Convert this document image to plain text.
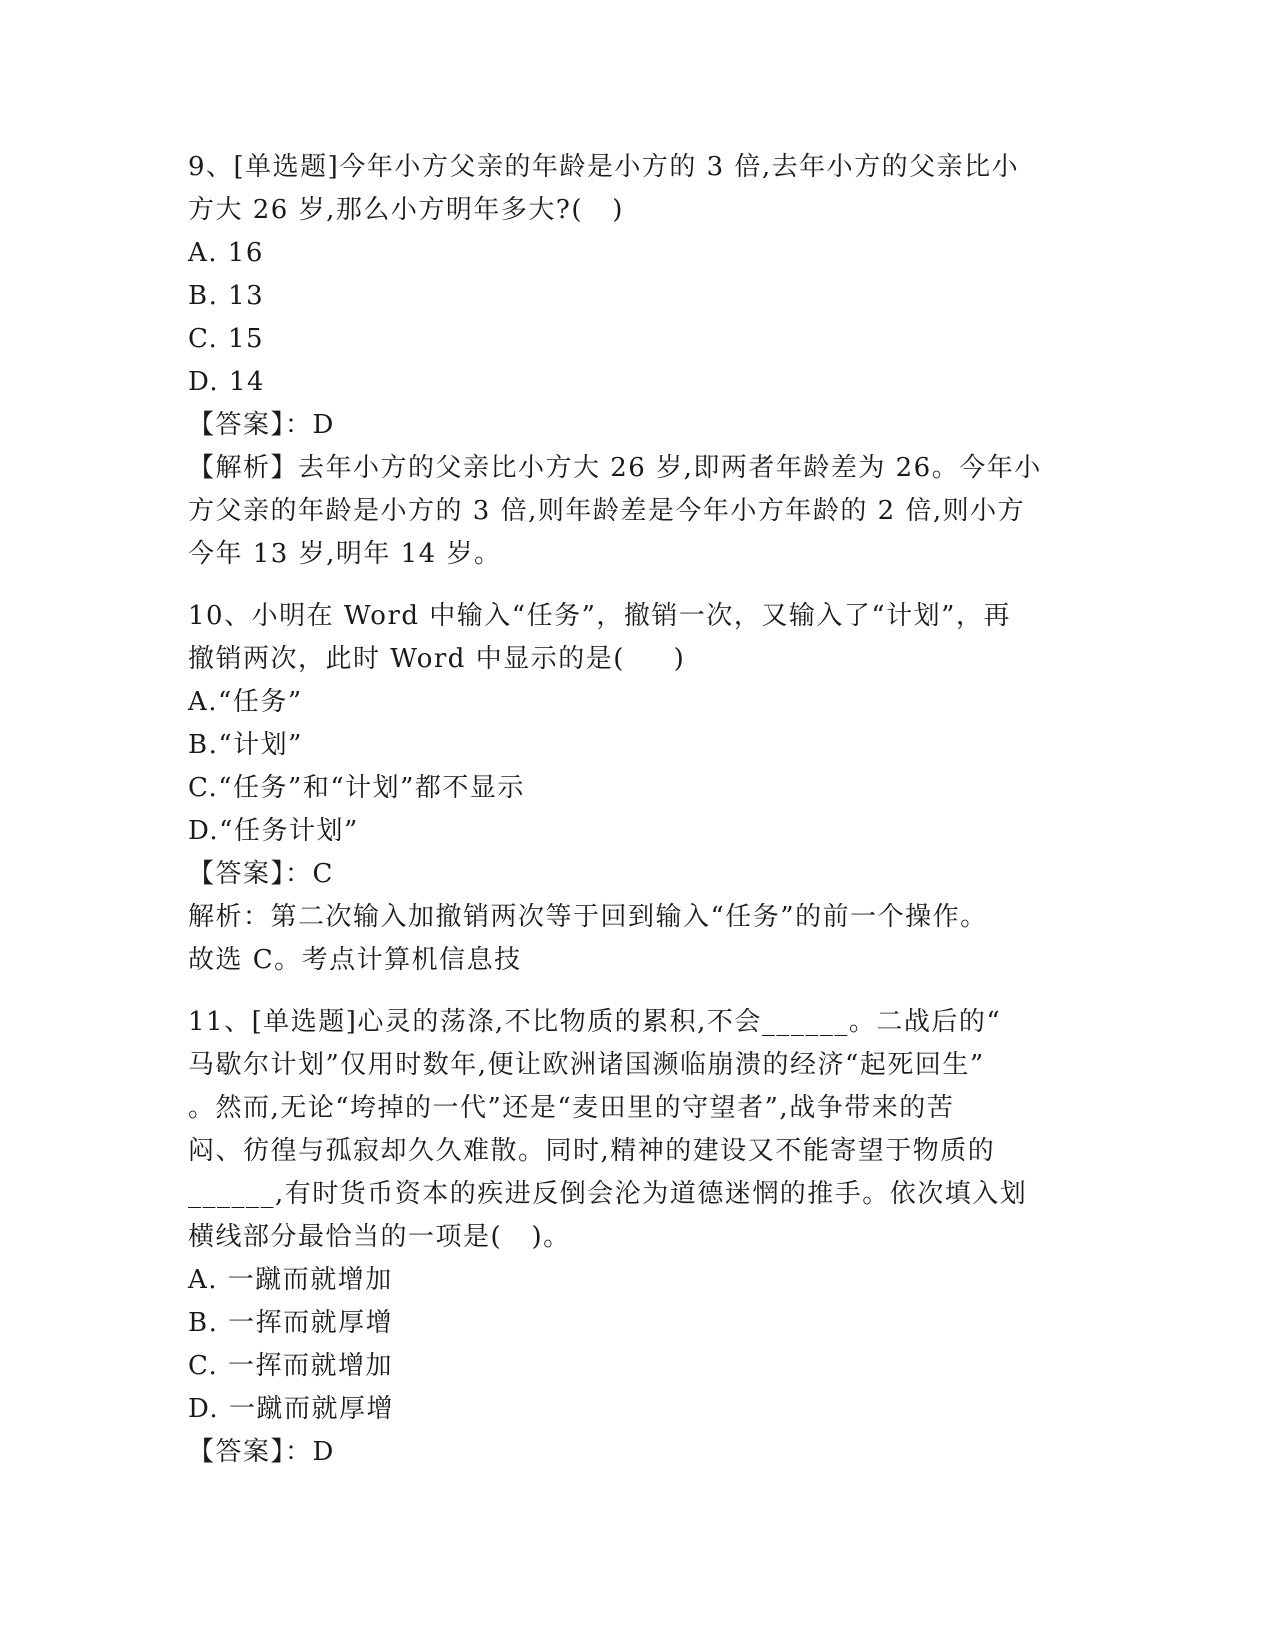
9、[单选题]今年小方父亲的年龄是小方的 3 倍,去年小方的父亲比小
方大 26 岁,那么小方明年多大?(   )
A. 16
B. 13
C. 15
D. 14
【答案】：D
【解析】去年小方的父亲比小方大 26 岁,即两者年龄差为 26。今年小
方父亲的年龄是小方的 3 倍,则年龄差是今年小方年龄的 2 倍,则小方
今年 13 岁,明年 14 岁。
10、小明在 Word 中输入“任务”，撤销一次，又输入了“计划”，再
撤销两次，此时 Word 中显示的是(     )
A.“任务”
B.“计划”
C.“任务”和“计划”都不显示
D.“任务计划”
【答案】：C
解析：第二次输入加撤销两次等于回到输入“任务”的前一个操作。
故选 C。考点计算机信息技
11、[单选题]心灵的荡涤,不比物质的累积,不会______。二战后的“
马歇尔计划”仅用时数年,便让欧洲诸国濒临崩溃的经济“起死回生”
。然而,无论“垮掉的一代”还是“麦田里的守望者”,战争带来的苦
闷、彷徨与孤寂却久久难散。同时,精神的建设又不能寄望于物质的
______,有时货币资本的疾进反倒会沦为道德迷惘的推手。依次填入划
横线部分最恰当的一项是(   )。
A. 一蹴而就增加
B. 一挥而就厚增
C. 一挥而就增加
D. 一蹴而就厚增
【答案】：D
